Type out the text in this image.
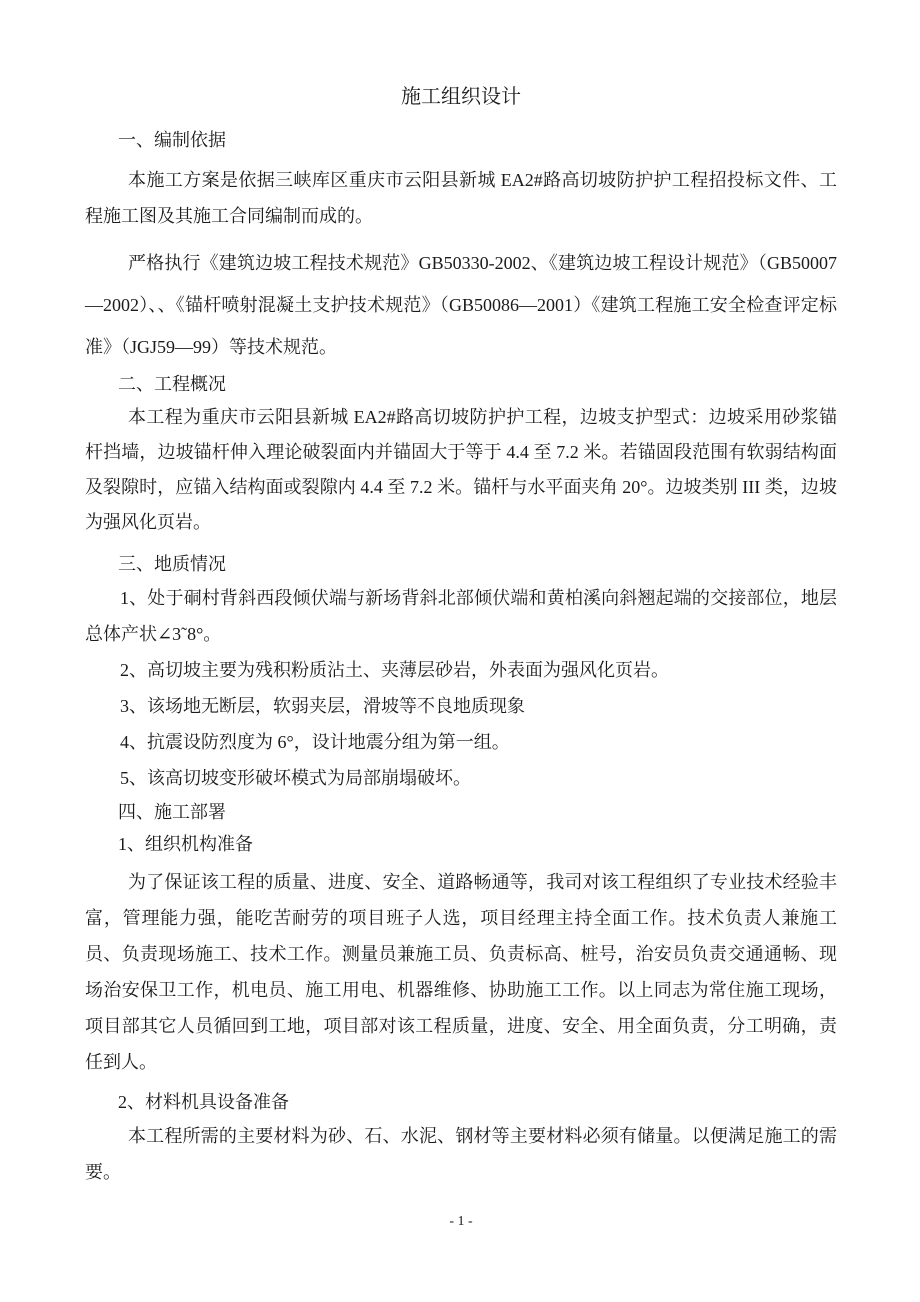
施工组织设计
一、编制依据

本施工方案是依据三峡库区重庆市云阳县新城 EA2#路高切坡防护护工程招投标文件、工程施工图及其施工合同编制而成的。

严格执行《建筑边坡工程技术规范》GB50330-2002、《建筑边坡工程设计规范》（GB50007—2002）、、《锚杆喷射混凝土支护技术规范》（GB50086—2001）《建筑工程施工安全检查评定标准》（JGJ59—99）等技术规范。

二、工程概况

本工程为重庆市云阳县新城 EA2#路高切坡防护护工程，边坡支护型式：边坡采用砂浆锚杆挡墙，边坡锚杆伸入理论破裂面内并锚固大于等于 4.4 至 7.2 米。若锚固段范围有软弱结构面及裂隙时，应锚入结构面或裂隙内 4.4 至 7.2 米。锚杆与水平面夹角 20°。边坡类别 III 类，边坡为强风化页岩。

三、地质情况

1、处于硐村背斜西段倾伏端与新场背斜北部倾伏端和黄柏溪向斜翘起端的交接部位，地层总体产状∠3˜8°。

2、高切坡主要为残积粉质沾土、夹薄层砂岩，外表面为强风化页岩。

3、该场地无断层，软弱夹层，滑坡等不良地质现象

4、抗震设防烈度为 6°，设计地震分组为第一组。

5、该高切坡变形破坏模式为局部崩塌破坏。

四、施工部署
1、组织机构准备

为了保证该工程的质量、进度、安全、道路畅通等，我司对该工程组织了专业技术经验丰富，管理能力强，能吃苦耐劳的项目班子人选，项目经理主持全面工作。技术负责人兼施工员、负责现场施工、技术工作。测量员兼施工员、负责标高、桩号，治安员负责交通通畅、现场治安保卫工作，机电员、施工用电、机器维修、协助施工工作。以上同志为常住施工现场，项目部其它人员循回到工地，项目部对该工程质量，进度、安全、用全面负责，分工明确，责任到人。

2、材料机具设备准备

本工程所需的主要材料为砂、石、水泥、钢材等主要材料必须有储量。以便满足施工的需要。

- 1 -
